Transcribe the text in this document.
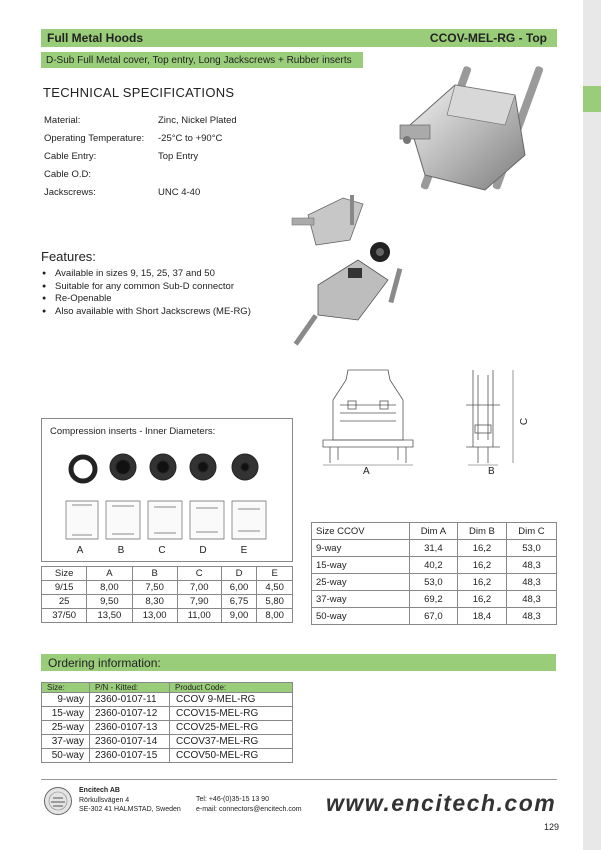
Full Metal Hoods	CCOV-MEL-RG - Top
D-Sub Full Metal cover, Top entry, Long Jackscrews + Rubber inserts
TECHNICAL SPECIFICATIONS
Material:	Zinc, Nickel Plated
Operating Temperature:	-25°C to +90°C
Cable Entry:	Top Entry
Cable O.D:
Jackscrews:	UNC 4-40
Features:
● Available in sizes 9, 15, 25, 37 and 50
● Suitable for any common Sub-D connector
● Re-Openable
● Also available with Short Jackscrews (ME-RG)
A	B
C
Compression inserts - Inner Diameters:
A	B	C	D	E
Size	A	B	C	D	E
9/15	8,00	7,50	7,00	6,00	4,50
25	9,50	8,30	7,90	6,75	5,80
37/50	13,50	13,00	11,00	9,00	8,00
Size CCOV	Dim A	Dim B	Dim C
9-way	31,4	16,2	53,0
15-way	40,2	16,2	48,3
25-way	53,0	16,2	48,3
37-way	69,2	16,2	48,3
50-way	67,0	18,4	48,3
Ordering information:
Size:	P/N - Kitted:	Product Code:
9-way	2360-0107-11	CCOV 9-MEL-RG
15-way	2360-0107-12	CCOV15-MEL-RG
25-way	2360-0107-13	CCOV25-MEL-RG
37-way	2360-0107-14	CCOV37-MEL-RG
50-way	2360-0107-15	CCOV50-MEL-RG
Encitech AB
Rörkullsvägen 4
SE-302 41 HALMSTAD, Sweden
Tel: +46-(0)35-15 13 90
e-mail: connectors@encitech.com www.encitech.com
129
